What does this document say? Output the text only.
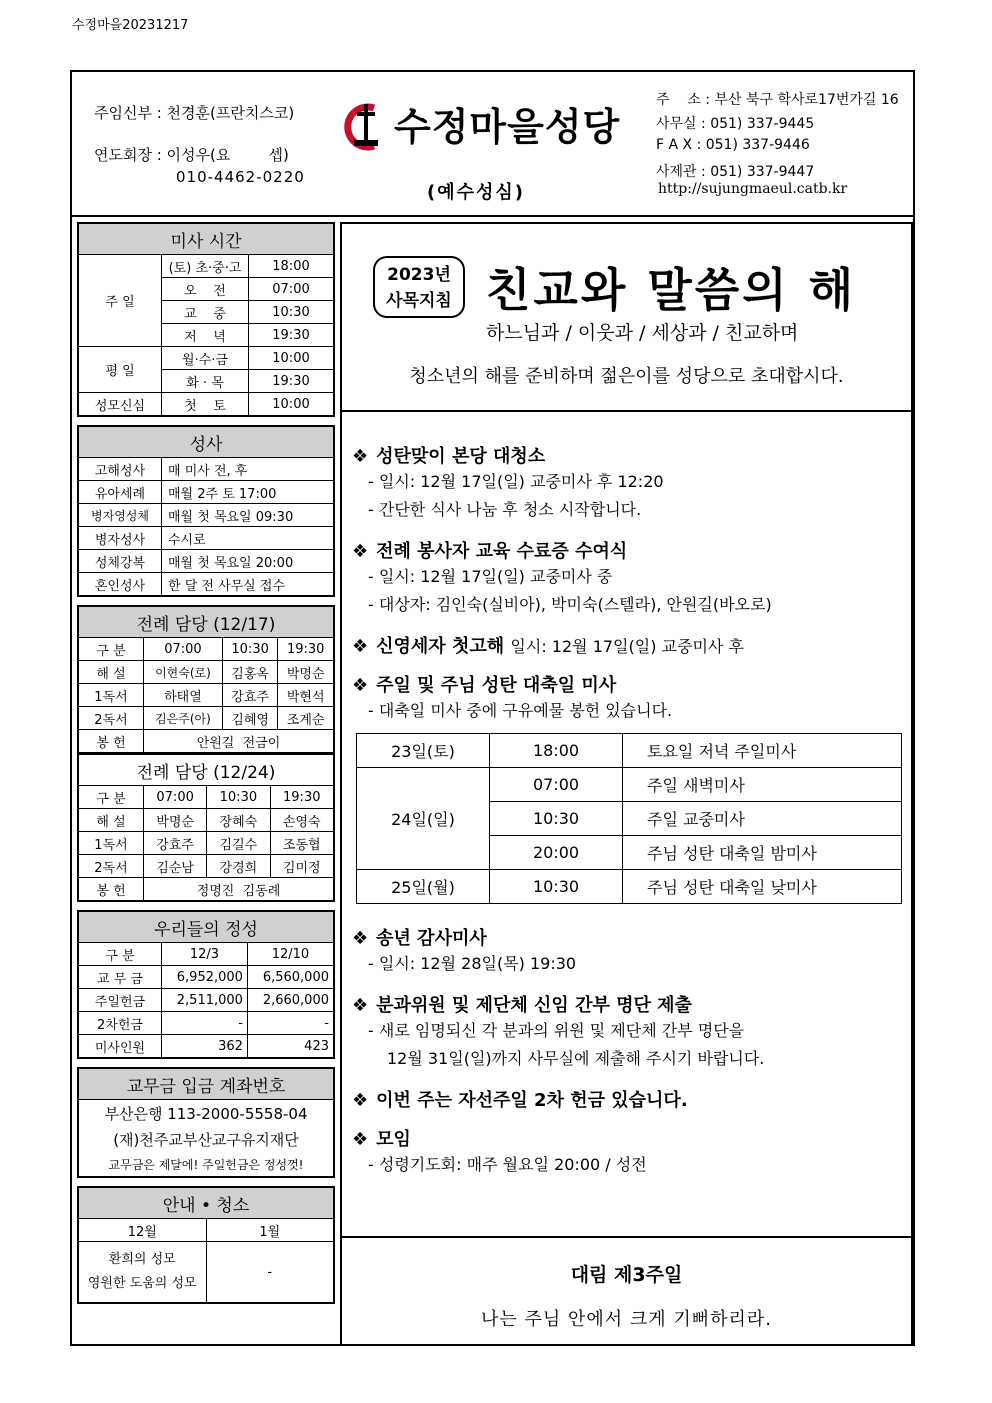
수정마을20231217
주임신부 : 천경훈(프란치스코)
연도회장 : 이성우(요        셉)
010-4462-0220
수정마을성당
(예수성심)
주    소 : 부산 북구 학사로17번가길 16
사무실 : 051) 337-9445
F A X : 051) 337-9446
사제관 : 051) 337-9447
http://sujungmaeul.catb.kr
미사 시간		
주 일	(토) 초·중·고	18:00
	오    전	07:00
	교    중	10:30
	저    녁	19:30
평 일	월·수·금	10:00
	화 · 목	19:30
성모신심	첫    토	10:00
성사	
고해성사	매 미사 전, 후
유아세례	매월 2주 토 17:00
병자영성체	매월 첫 목요일 09:30
병자성사	수시로
성체강복	매월 첫 목요일 20:00
혼인성사	한 달 전 사무실 접수
전례 담당 (12/17)			
구 분	07:00	10:30	19:30
해 설	이현숙(로)	김홍옥	박명순
1독서	하태열	강효주	박현석
2독서	김은주(아)	김혜영	조계순
봉 헌	안원길  전금이		
전례 담당 (12/24)			
구 분	07:00	10:30	19:30
해 설	박명순	장혜숙	손영숙
1독서	강효주	김길수	조동협
2독서	김순남	강경희	김미정
봉 헌	정명진  김동례		
우리들의 정성		
구 분	12/3	12/10
교 무 금	6,952,000	6,560,000
주일헌금	2,511,000	2,660,000
2차헌금	-	-
미사인원	362	423
교무금 입금 계좌번호
부산은행 113-2000-5558-04
(재)천주교부산교구유지재단
교무금은 제달에! 주일헌금은 정성껏!
안내 • 청소	
12월	1월

환희의 성모
영원한 도움의 성모	-
2023년
사목지침 친교와 말씀의 해
하느님과 / 이웃과 / 세상과 / 친교하며
청소년의 해를 준비하며 젊은이를 성당으로 초대합시다.

❖ 성탄맞이 본당 대청소

- 일시: 12월 17일(일) 교중미사 후 12:20

- 간단한 식사 나눔 후 청소 시작합니다.

❖ 전례 봉사자 교육 수료증 수여식

- 일시: 12월 17일(일) 교중미사 중

- 대상자: 김인숙(실비아), 박미숙(스텔라), 안원길(바오로)

❖ 신영세자 첫고해 일시: 12월 17일(일) 교중미사 후

❖ 주일 및 주님 성탄 대축일 미사

- 대축일 미사 중에 구유예물 봉헌 있습니다.

23일(토)	18:00	토요일 저녁 주일미사
24일(일)	07:00	주일 새벽미사
	10:30	주일 교중미사
	20:00	주님 성탄 대축일 밤미사
25일(월)	10:30	주님 성탄 대축일 낮미사

❖ 송년 감사미사

- 일시: 12월 28일(목) 19:30

❖ 분과위원 및 제단체 신임 간부 명단 제출

- 새로 임명되신 각 분과의 위원 및 제단체 간부 명단을

12월 31일(일)까지 사무실에 제출해 주시기 바랍니다.

❖ 이번 주는 자선주일 2차 헌금 있습니다.

❖ 모임

- 성령기도회: 매주 월요일 20:00 / 성전

대림 제3주일
나는 주님 안에서 크게 기뻐하리라.
